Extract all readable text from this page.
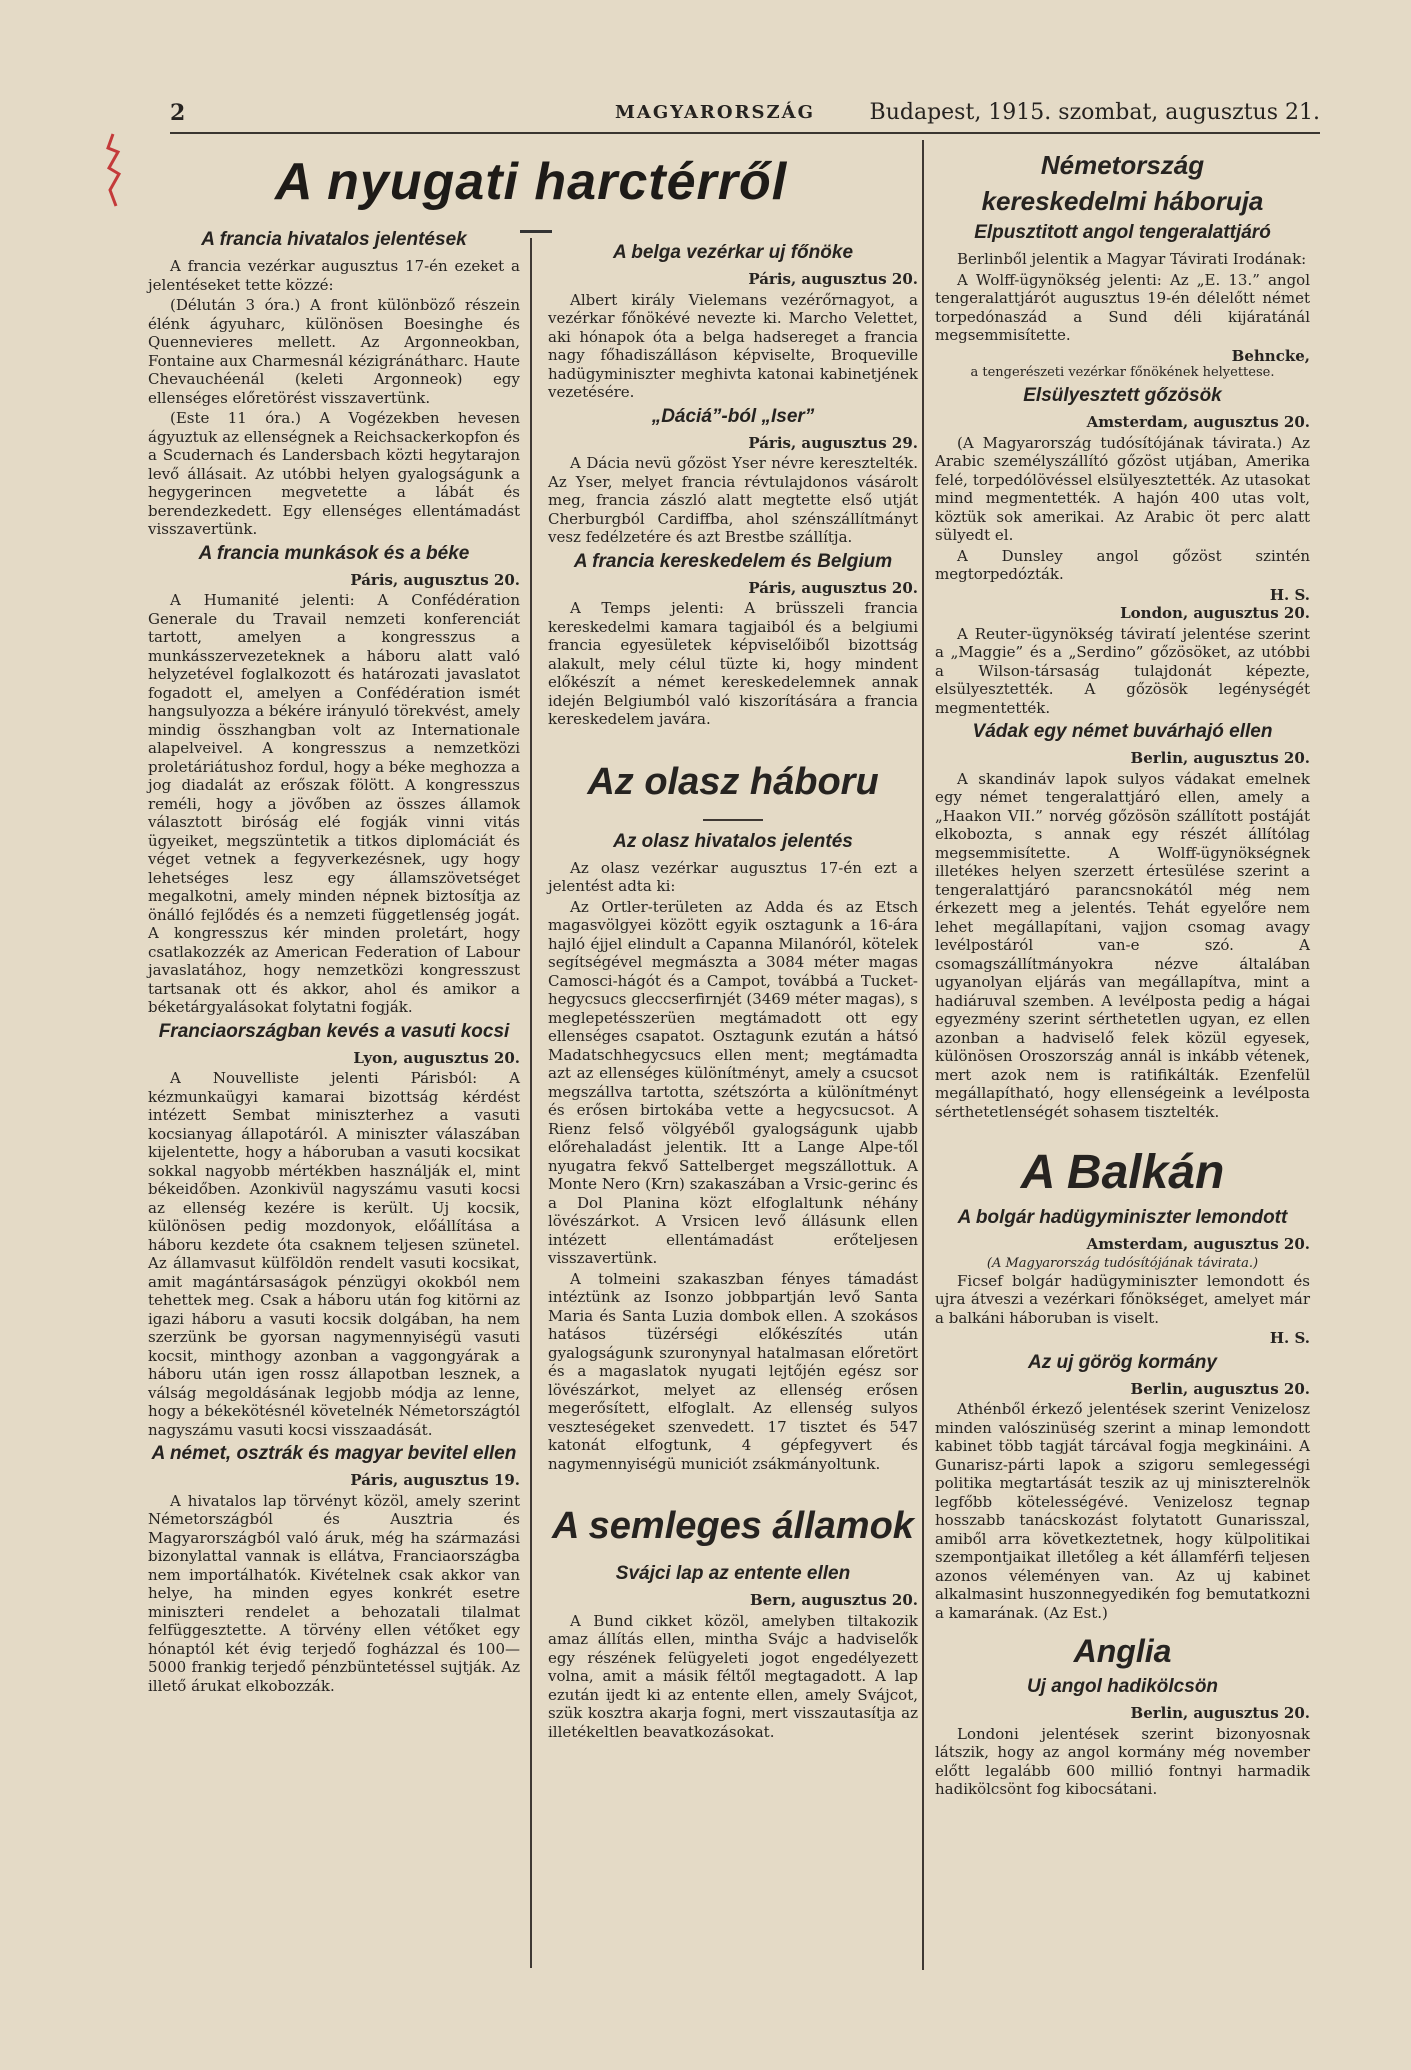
2	MAGYARORSZÁG Budapest, 1915. szombat, augusztus 21.
A nyugati harctérről
A francia hivatalos jelentések

A francia vezérkar augusztus 17-én ezeket a jelentéseket tette közzé:

(Délután 3 óra.) A front különböző részein élénk ágyuharc, különösen Boesinghe és Quennevieres mellett. Az Argonneokban, Fontaine aux Charmesnál kézigránátharc. Haute Chevauchéenál (keleti Argonneok) egy ellenséges előretörést visszavertünk.

(Este 11 óra.) A Vogézekben hevesen ágyuztuk az ellenségnek a Reichsackerkopfon és a Scudernach és Landersbach közti hegytarajon levő állásait. Az utóbbi helyen gyalogságunk a hegygerincen megvetette a lábát és berendezkedett. Egy ellenséges ellentámadást visszavertünk.

A francia munkások és a béke
Páris, augusztus 20.

A Humanité jelenti: A Confédération Generale du Travail nemzeti konferenciát tartott, amelyen a kongresszus a munkásszervezeteknek a háboru alatt való helyzetével foglalkozott és határozati javaslatot fogadott el, amelyen a Confédération ismét hangsulyozza a békére irányuló törekvést, amely mindig összhangban volt az Internationale alapelveivel. A kongresszus a nemzetközi proletáriátushoz fordul, hogy a béke meghozza a jog diadalát az erőszak fölött. A kongresszus reméli, hogy a jövőben az összes államok választott biróság elé fogják vinni vitás ügyeiket, megszüntetik a titkos diplomáciát és véget vetnek a fegyverkezésnek, ugy hogy lehetséges lesz egy államszövetséget megalkotni, amely minden népnek biztosítja az önálló fejlődés és a nemzeti függetlenség jogát. A kongresszus kér minden proletárt, hogy csatlakozzék az American Federation of Labour javaslatához, hogy nemzetközi kongresszust tartsanak ott és akkor, ahol és amikor a béketárgyalásokat folytatni fogják.

Franciaországban kevés a vasuti kocsi
Lyon, augusztus 20.

A Nouvelliste jelenti Párisból: A kézmunkaügyi kamarai bizottság kérdést intézett Sembat miniszterhez a vasuti kocsianyag állapotáról. A miniszter válaszában kijelentette, hogy a háboruban a vasuti kocsikat sokkal nagyobb mértékben használják el, mint békeidőben. Azonkivül nagyszámu vasuti kocsi az ellenség kezére is került. Uj kocsik, különösen pedig mozdonyok, előállítása a háboru kezdete óta csaknem teljesen szünetel. Az államvasut külföldön rendelt vasuti kocsikat, amit magántársaságok pénzügyi okokból nem tehettek meg. Csak a háboru után fog kitörni az igazi háboru a vasuti kocsik dolgában, ha nem szerzünk be gyorsan nagymennyiségü vasuti kocsit, minthogy azonban a vaggongyárak a háboru után igen rossz állapotban lesznek, a válság megoldásának legjobb módja az lenne, hogy a békekötésnél követelnék Németországtól nagyszámu vasuti kocsi visszaadását.

A német, osztrák és magyar bevitel ellen
Páris, augusztus 19.

A hivatalos lap törvényt közöl, amely szerint Németországból és Ausztria és Magyarországból való áruk, még ha származási bizonylattal vannak is ellátva, Franciaországba nem importálhatók. Kivételnek csak akkor van helye, ha minden egyes konkrét esetre miniszteri rendelet a behozatali tilalmat felfüggesztette. A törvény ellen vétőket egy hónaptól két évig terjedő fogházzal és 100—5000 frankig terjedő pénzbüntetéssel sujtják. Az illető árukat elkobozzák.

A belga vezérkar uj főnöke
Páris, augusztus 20.

Albert király Vielemans vezérőrnagyot, a vezérkar főnökévé nevezte ki. Marcho Velettet, aki hónapok óta a belga hadsereget a francia nagy főhadiszálláson képviselte, Broqueville hadügyminiszter meghivta katonai kabinetjének vezetésére.

„Dáciá”-ból „Iser”
Páris, augusztus 29.

A Dácia nevü gőzöst Yser névre keresztelték. Az Yser, melyet francia révtulajdonos vásárolt meg, francia zászló alatt megtette első utját Cherburgból Cardiffba, ahol szénszállítmányt vesz fedélzetére és azt Brestbe szállítja.

A francia kereskedelem és Belgium
Páris, augusztus 20.

A Temps jelenti: A brüsszeli francia kereskedelmi kamara tagjaiból és a belgiumi francia egyesületek képviselőiből bizottság alakult, mely célul tüzte ki, hogy mindent előkészít a német kereskedelemnek annak idején Belgiumból való kiszorítására a francia kereskedelem javára.

Az olasz háboru
Az olasz hivatalos jelentés

Az olasz vezérkar augusztus 17-én ezt a jelentést adta ki:

Az Ortler-területen az Adda és az Etsch magasvölgyei között egyik osztagunk a 16-ára hajló éjjel elindult a Capanna Milanóról, kötelek segítségével megmászta a 3084 méter magas Camosci-hágót és a Campot, továbbá a Tucket-hegycsucs gleccserfirnjét (3469 méter magas), s meglepetésszerüen megtámadott ott egy ellenséges csapatot. Osztagunk ezután a hátsó Madatschhegycsucs ellen ment; megtámadta azt az ellenséges különítményt, amely a csucsot megszállva tartotta, szétszórta a különítményt és erősen birtokába vette a hegycsucsot. A Rienz felső völgyéből gyalogságunk ujabb előrehaladást jelentik. Itt a Lange Alpe-től nyugatra fekvő Sattelberget megszállottuk. A Monte Nero (Krn) szakaszában a Vrsic-gerinc és a Dol Planina közt elfoglaltunk néhány lövészárkot. A Vrsicen levő állásunk ellen intézett ellentámadást erőteljesen visszavertünk.

A tolmeini szakaszban fényes támadást intéztünk az Isonzo jobbpartján levő Santa Maria és Santa Luzia dombok ellen. A szokásos hatásos tüzérségi előkészítés után gyalogságunk szuronynyal hatalmasan előretört és a magaslatok nyugati lejtőjén egész sor lövészárkot, melyet az ellenség erősen megerősített, elfoglalt. Az ellenség sulyos veszteségeket szenvedett. 17 tisztet és 547 katonát elfogtunk, 4 gépfegyvert és nagymennyiségü municiót zsákmányoltunk.

A semleges államok
Svájci lap az entente ellen
Bern, augusztus 20.

A Bund cikket közöl, amelyben tiltakozik amaz állítás ellen, mintha Svájc a hadviselők egy részének felügyeleti jogot engedélyezett volna, amit a másik féltől megtagadott. A lap ezután ijedt ki az entente ellen, amely Svájcot, szük kosztra akarja fogni, mert visszautasítja az illetékeltlen beavatkozásokat.

Németország
kereskedelmi háboruja
Elpusztitott angol tengeralattjáró

Berlinből jelentik a Magyar Távirati Irodának:

A Wolff-ügynökség jelenti: Az „E. 13.” angol tengeralattjárót augusztus 19-én délelőtt német torpedónaszád a Sund déli kijáratánál megsemmisítette.

Behncke,
a tengerészeti vezérkar főnökének helyettese.
Elsülyesztett gőzösök
Amsterdam, augusztus 20.

(A Magyarország tudósítójának távirata.) Az Arabic személyszállító gőzöst utjában, Amerika felé, torpedólövéssel elsülyesztették. Az utasokat mind megmentették. A hajón 400 utas volt, köztük sok amerikai. Az Arabic öt perc alatt sülyedt el.

A Dunsley angol gőzöst szintén megtorpedózták.

H. S.
London, augusztus 20.

A Reuter-ügynökség táviratí jelentése szerint a „Maggie” és a „Serdino” gőzösöket, az utóbbi a Wilson-társaság tulajdonát képezte, elsülyesztették. A gőzösök legénységét megmentették.

Vádak egy német buvárhajó ellen
Berlin, augusztus 20.

A skandináv lapok sulyos vádakat emelnek egy német tengeralattjáró ellen, amely a „Haakon VII.” norvég gőzösön szállított postáját elkobozta, s annak egy részét állítólag megsemmisítette. A Wolff-ügynökségnek illetékes helyen szerzett értesülése szerint a tengeralattjáró parancsnokától még nem érkezett meg a jelentés. Tehát egyelőre nem lehet megállapítani, vajjon csomag avagy levélpostáról van-e szó. A csomagszállítmányokra nézve általában ugyanolyan eljárás van megállapítva, mint a hadiáruval szemben. A levélposta pedig a hágai egyezmény szerint sérthetetlen ugyan, ez ellen azonban a hadviselő felek közül egyesek, különösen Oroszország annál is inkább vétenek, mert azok nem is ratifikálták. Ezenfelül megállapítható, hogy ellenségeink a levélposta sérthetetlenségét sohasem tisztelték.

A Balkán
A bolgár hadügyminiszter lemondott
Amsterdam, augusztus 20.
(A Magyarország tudósítójának távirata.)

Ficsef bolgár hadügyminiszter lemondott és ujra átveszi a vezérkari főnökséget, amelyet már a balkáni háboruban is viselt.

H. S.
Az uj görög kormány
Berlin, augusztus 20.

Athénből érkező jelentések szerint Venizelosz minden valószinüség szerint a minap lemondott kabinet több tagját tárcával fogja megkináini. A Gunarisz-párti lapok a szigoru semlegességi politika megtartását teszik az uj miniszterelnök legfőbb kötelességévé. Venizelosz tegnap hosszabb tanácskozást folytatott Gunarisszal, amiből arra következtetnek, hogy külpolitikai szempontjaikat illetőleg a két államférfi teljesen azonos véleményen van. Az uj kabinet alkalmasint huszonnegyedikén fog bemutatkozni a kamarának. (Az Est.)

Anglia
Uj angol hadikölcsön
Berlin, augusztus 20.

Londoni jelentések szerint bizonyosnak látszik, hogy az angol kormány még november előtt legalább 600 millió fontnyi harmadik hadikölcsönt fog kibocsátani.
